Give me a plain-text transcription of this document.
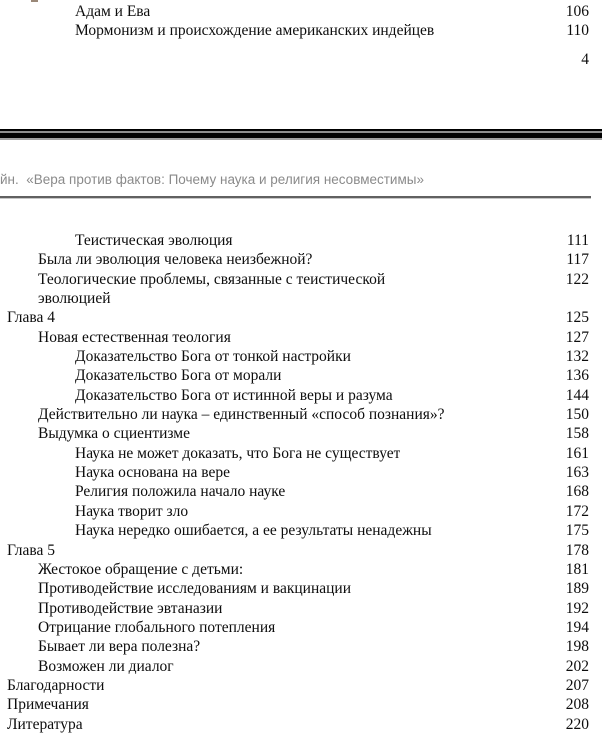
Адам и Ева	106
Мормонизм и происхождение американских индейцев	110
4
йн.  «Вера против фактов: Почему наука и религия несовместимы»
Теистическая эволюция	111
Была ли эволюция человека неизбежной?	117
Теологические проблемы, связанные с теистической	122
эволюцией
Глава 4	125
Новая естественная теология	127
Доказательство Бога от тонкой настройки	132
Доказательство Бога от морали	136
Доказательство Бога от истинной веры и разума	144
Действительно ли наука – единственный «способ познания»?	150
Выдумка о сциентизме	158
Наука не может доказать, что Бога не существует	161
Наука основана на вере	163
Религия положила начало науке	168
Наука творит зло	172
Наука нередко ошибается, а ее результаты ненадежны	175
Глава 5	178
Жестокое обращение с детьми:	181
Противодействие исследованиям и вакцинации	189
Противодействие эвтаназии	192
Отрицание глобального потепления	194
Бывает ли вера полезна?	198
Возможен ли диалог	202
Благодарности	207
Примечания	208
Литература	220
